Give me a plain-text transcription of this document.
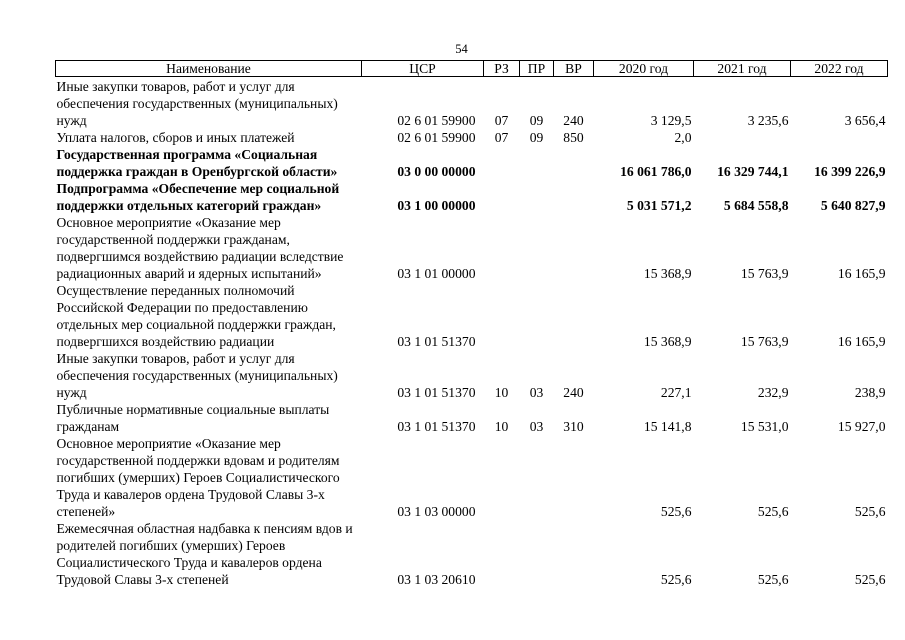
54
Наименование	ЦСР	РЗ	ПР	ВР	2020 год	2021 год	2022 год
Иные закупки товаров, работ и услуг для обеспечения государственных (муниципальных) нужд	02 6 01 59900	07	09	240	3 129,5	3 235,6	3 656,4
Уплата налогов, сборов и иных платежей	02 6 01 59900	07	09	850	2,0		
Государственная программа «Социальная поддержка граждан в Оренбургской области»	03 0 00 00000				16 061 786,0	16 329 744,1	16 399 226,9
Подпрограмма «Обеспечение мер социальной поддержки отдельных категорий граждан»	03 1 00 00000				5 031 571,2	5 684 558,8	5 640 827,9
Основное мероприятие «Оказание мер государственной поддержки гражданам, подвергшимся воздействию радиации вследствие радиационных аварий и ядерных испытаний»	03 1 01 00000				15 368,9	15 763,9	16 165,9
Осуществление переданных полномочий Российской Федерации по предоставлению отдельных мер социальной поддержки граждан, подвергшихся воздействию радиации	03 1 01 51370				15 368,9	15 763,9	16 165,9
Иные закупки товаров, работ и услуг для обеспечения государственных (муниципальных) нужд	03 1 01 51370	10	03	240	227,1	232,9	238,9
Публичные нормативные социальные выплаты гражданам	03 1 01 51370	10	03	310	15 141,8	15 531,0	15 927,0
Основное мероприятие «Оказание мер государственной поддержки вдовам и родителям погибших (умерших) Героев Социалистического Труда и кавалеров ордена Трудовой Славы 3-х степеней»	03 1 03 00000				525,6	525,6	525,6
Ежемесячная областная надбавка к пенсиям вдов и родителей погибших (умерших) Героев Социалистического Труда и кавалеров ордена Трудовой Славы 3-х степеней	03 1 03 20610				525,6	525,6	525,6
